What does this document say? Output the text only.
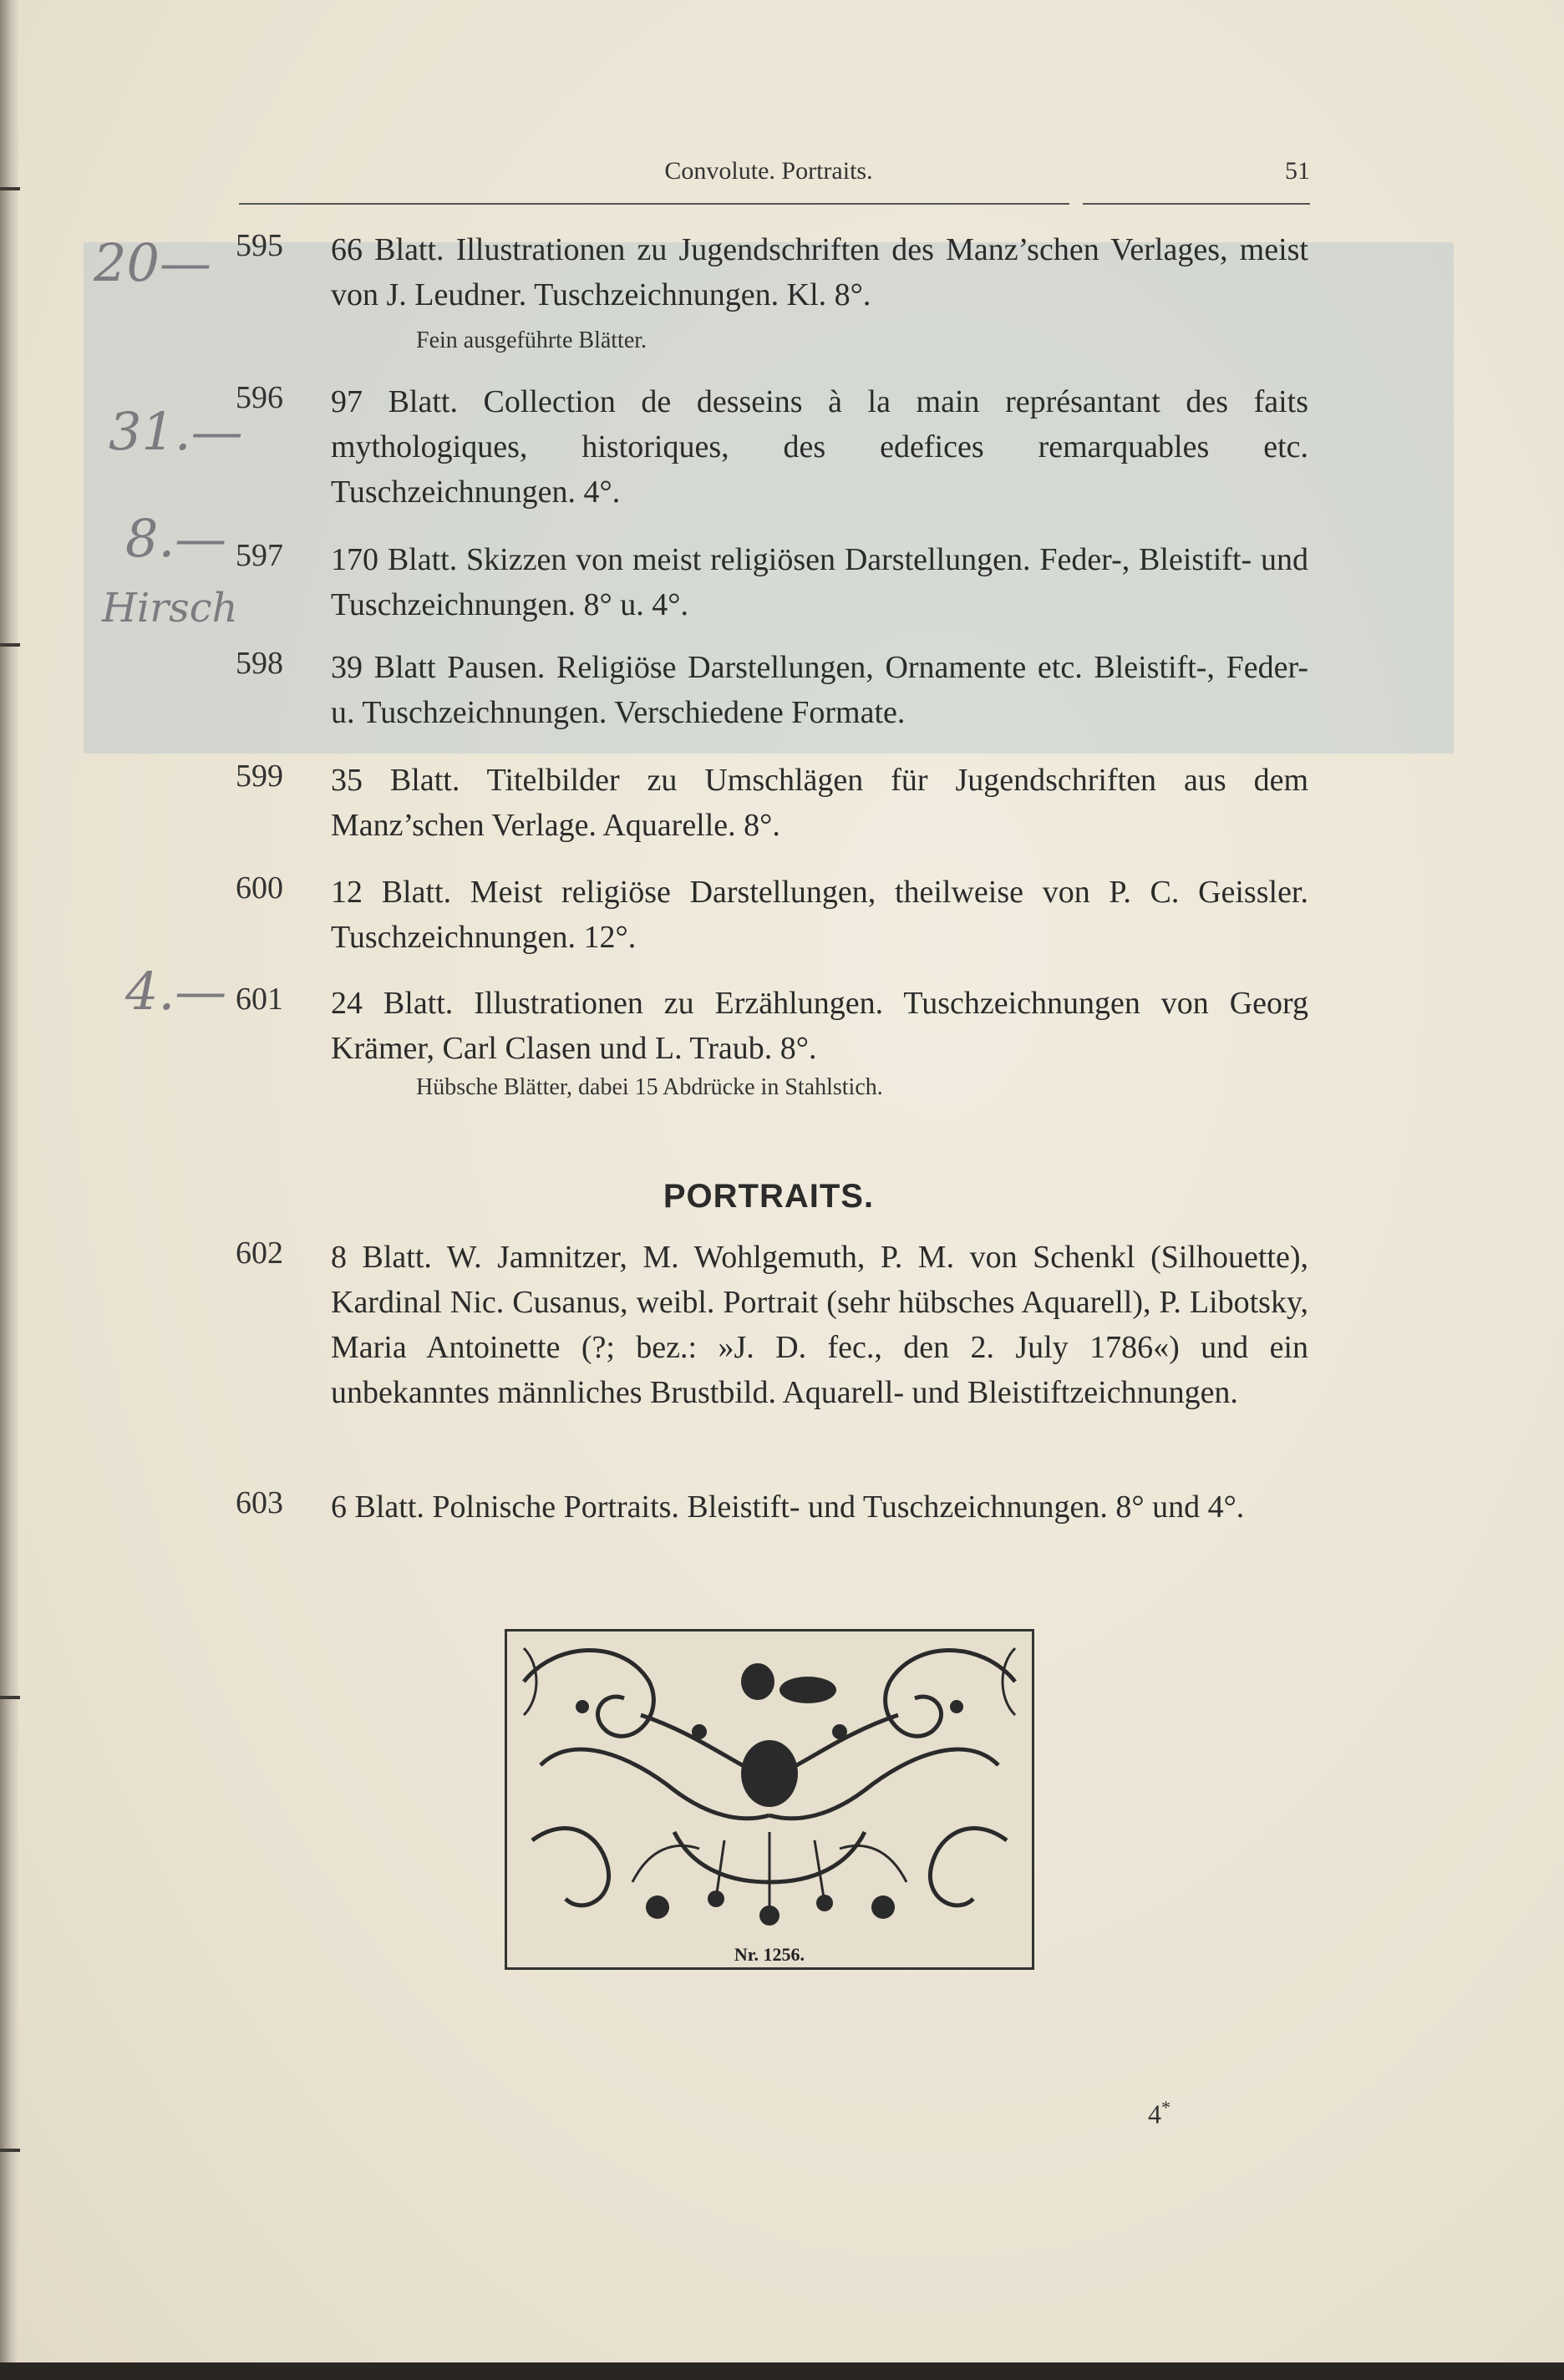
Convolute. Portraits.	51
595	66 Blatt. Illustrationen zu Jugendschriften des Manz’schen Verlages, meist von J. Leudner. Tuschzeichnungen. Kl. 8°.
Fein ausgeführte Blätter.
596	97 Blatt. Collection de desseins à la main représantant des faits mythologiques, historiques, des edefices remarquables etc. Tuschzeichnungen. 4°.
597	170 Blatt. Skizzen von meist religiösen Darstellungen. Feder-, Bleistift- und Tuschzeichnungen. 8° u. 4°.
598	39 Blatt Pausen. Religiöse Darstellungen, Ornamente etc. Bleistift-, Feder- u. Tuschzeichnungen. Verschiedene Formate.
599	35 Blatt. Titelbilder zu Umschlägen für Jugendschriften aus dem Manz’schen Verlage. Aquarelle. 8°.
600	12 Blatt. Meist religiöse Darstellungen, theilweise von P. C. Geissler. Tuschzeichnungen. 12°.
601	24 Blatt. Illustrationen zu Erzählungen. Tuschzeichnungen von Georg Krämer, Carl Clasen und L. Traub. 8°.
Hübsche Blätter, dabei 15 Abdrücke in Stahlstich.
PORTRAITS.
602	8 Blatt. W. Jamnitzer, M. Wohlgemuth, P. M. von Schenkl (Silhouette), Kardinal Nic. Cusanus, weibl. Portrait (sehr hübsches Aquarell), P. Libotsky, Maria Antoinette (?; bez.: »J. D. fec., den 2. July 1786«) und ein unbekanntes männliches Brustbild. Aquarell- und Bleistiftzeichnungen.
603	6 Blatt. Polnische Portraits. Bleistift- und Tuschzeichnungen. 8° und 4°.
20—
31.—
8.—
Hirsch
4.—
Nr. 1256.
4*
